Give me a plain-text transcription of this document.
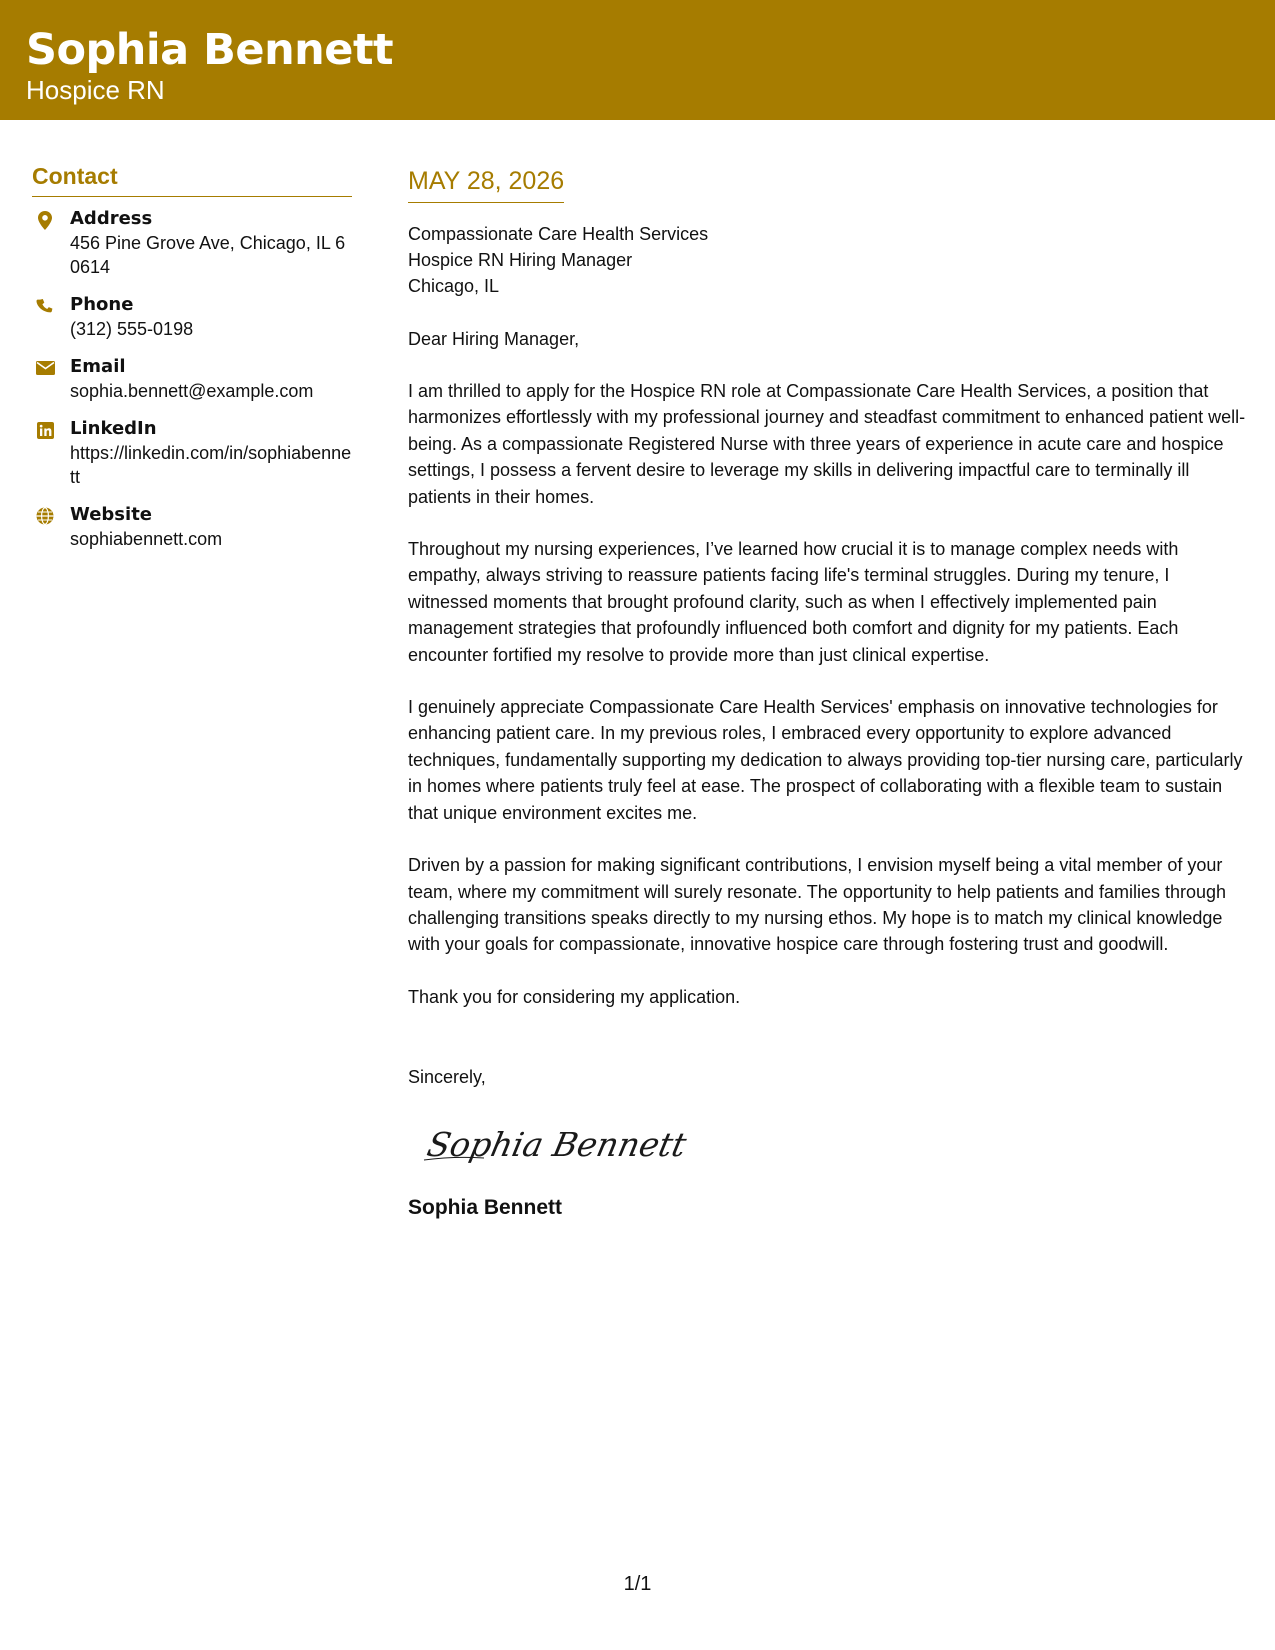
Sophia Bennett

Hospice RN

Contact
Address
456 Pine Grove Ave, Chicago, IL 60614
Phone
(312) 555-0198
Email
sophia.bennett@example.com
LinkedIn
https://linkedin.com/in/sophiabennett
Website
sophiabennett.com
MAY 28, 2026

Compassionate Care Health Services

Hospice RN Hiring Manager

Chicago, IL

Dear Hiring Manager,

I am thrilled to apply for the Hospice RN role at Compassionate Care Health Services, a position that harmonizes effortlessly with my professional journey and steadfast commitment to enhanced patient well-being. As a compassionate Registered Nurse with three years of experience in acute care and hospice settings, I possess a fervent desire to leverage my skills in delivering impactful care to terminally ill patients in their homes.

Throughout my nursing experiences, I’ve learned how crucial it is to manage complex needs with empathy, always striving to reassure patients facing life's terminal struggles. During my tenure, I witnessed moments that brought profound clarity, such as when I effectively implemented pain management strategies that profoundly influenced both comfort and dignity for my patients. Each encounter fortified my resolve to provide more than just clinical expertise.

I genuinely appreciate Compassionate Care Health Services' emphasis on innovative technologies for enhancing patient care. In my previous roles, I embraced every opportunity to explore advanced techniques, fundamentally supporting my dedication to always providing top-tier nursing care, particularly in homes where patients truly feel at ease. The prospect of collaborating with a flexible team to sustain that unique environment excites me.

Driven by a passion for making significant contributions, I envision myself being a vital member of your team, where my commitment will surely resonate. The opportunity to help patients and families through challenging transitions speaks directly to my nursing ethos. My hope is to match my clinical knowledge with your goals for compassionate, innovative hospice care through fostering trust and goodwill.

Thank you for considering my application.

Sincerely,

Sophia Bennett
Sophia Bennett
1/1
